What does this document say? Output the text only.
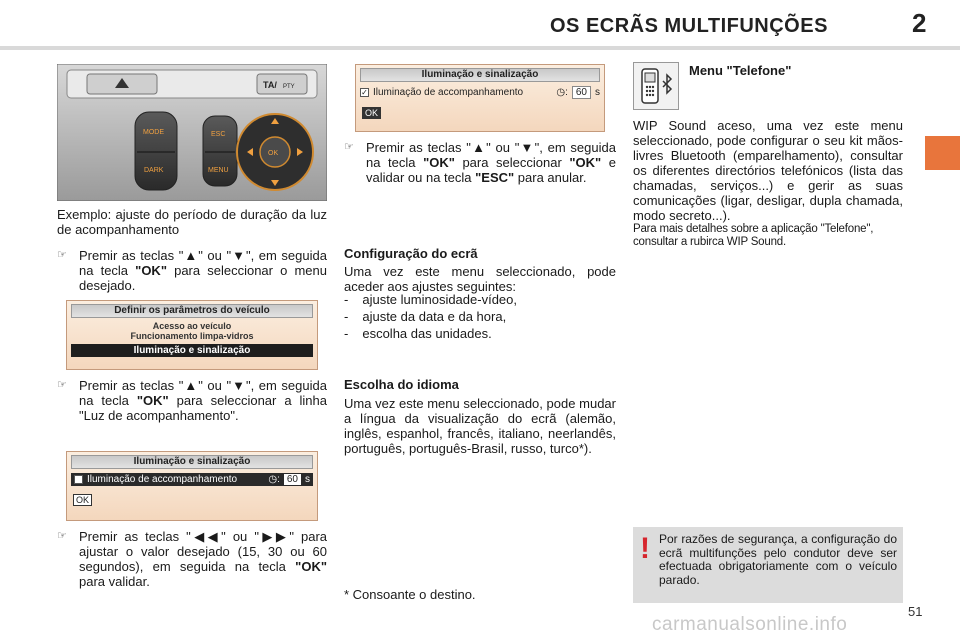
OS ECRÃS MULTIFUNÇÕES	2
TA/ PTY
MODE
DARK
ESC
MENU
OK
Exemplo: ajuste do período de duração da luz de acompanhamento
☞ Premir as teclas "▲" ou "▼", em seguida na tecla "OK" para seleccionar o menu desejado.
Definir os parâmetros do veículo
Acesso ao veículo
Funcionamento limpa-vidros
Iluminação e sinalização
☞ Premir as teclas "▲" ou "▼", em seguida na tecla "OK" para seleccionar a linha "Luz de acompanhamento".
Iluminação e sinalização
✓ Iluminação de accompanhamento	◷: 60 s
OK
☞ Premir as teclas "◀◀" ou "▶▶" para ajustar o valor desejado (15, 30 ou 60 segundos), em seguida na tecla "OK" para validar.
Iluminação e sinalização
✓ Iluminação de accompanhamento	◷: 60 s
OK
☞ Premir as teclas "▲" ou "▼", em seguida na tecla "OK" para seleccionar "OK" e validar ou na tecla "ESC" para anular.
Configuração do ecrã
Uma vez este menu seleccionado, pode aceder aos ajustes seguintes:
- ajuste luminosidade-vídeo,
- ajuste da data e da hora,
- escolha das unidades.
Escolha do idioma
Uma vez este menu seleccionado, pode mudar a língua da visualização do ecrã (alemão, inglês, espanhol, francês, italiano, neerlandês, português, português-Brasil, russo, turco*).
* Consoante o destino.
Menu "Telefone"
WIP Sound aceso, uma vez este menu seleccionado, pode configurar o seu kit mãos-livres Bluetooth (emparelhamento), consultar os diferentes directórios telefónicos (lista das chamadas, serviços...) e gerir as suas comunicações (ligar, desligar, dupla chamada, modo secreto...).
Para mais detalhes sobre a aplicação "Telefone", consultar a rubirca WIP Sound.
! Por razões de segurança, a configuração do ecrã multifunções pelo condutor deve ser efectuada obrigatoriamente com o veículo parado.
51
carmanualsonline.info
